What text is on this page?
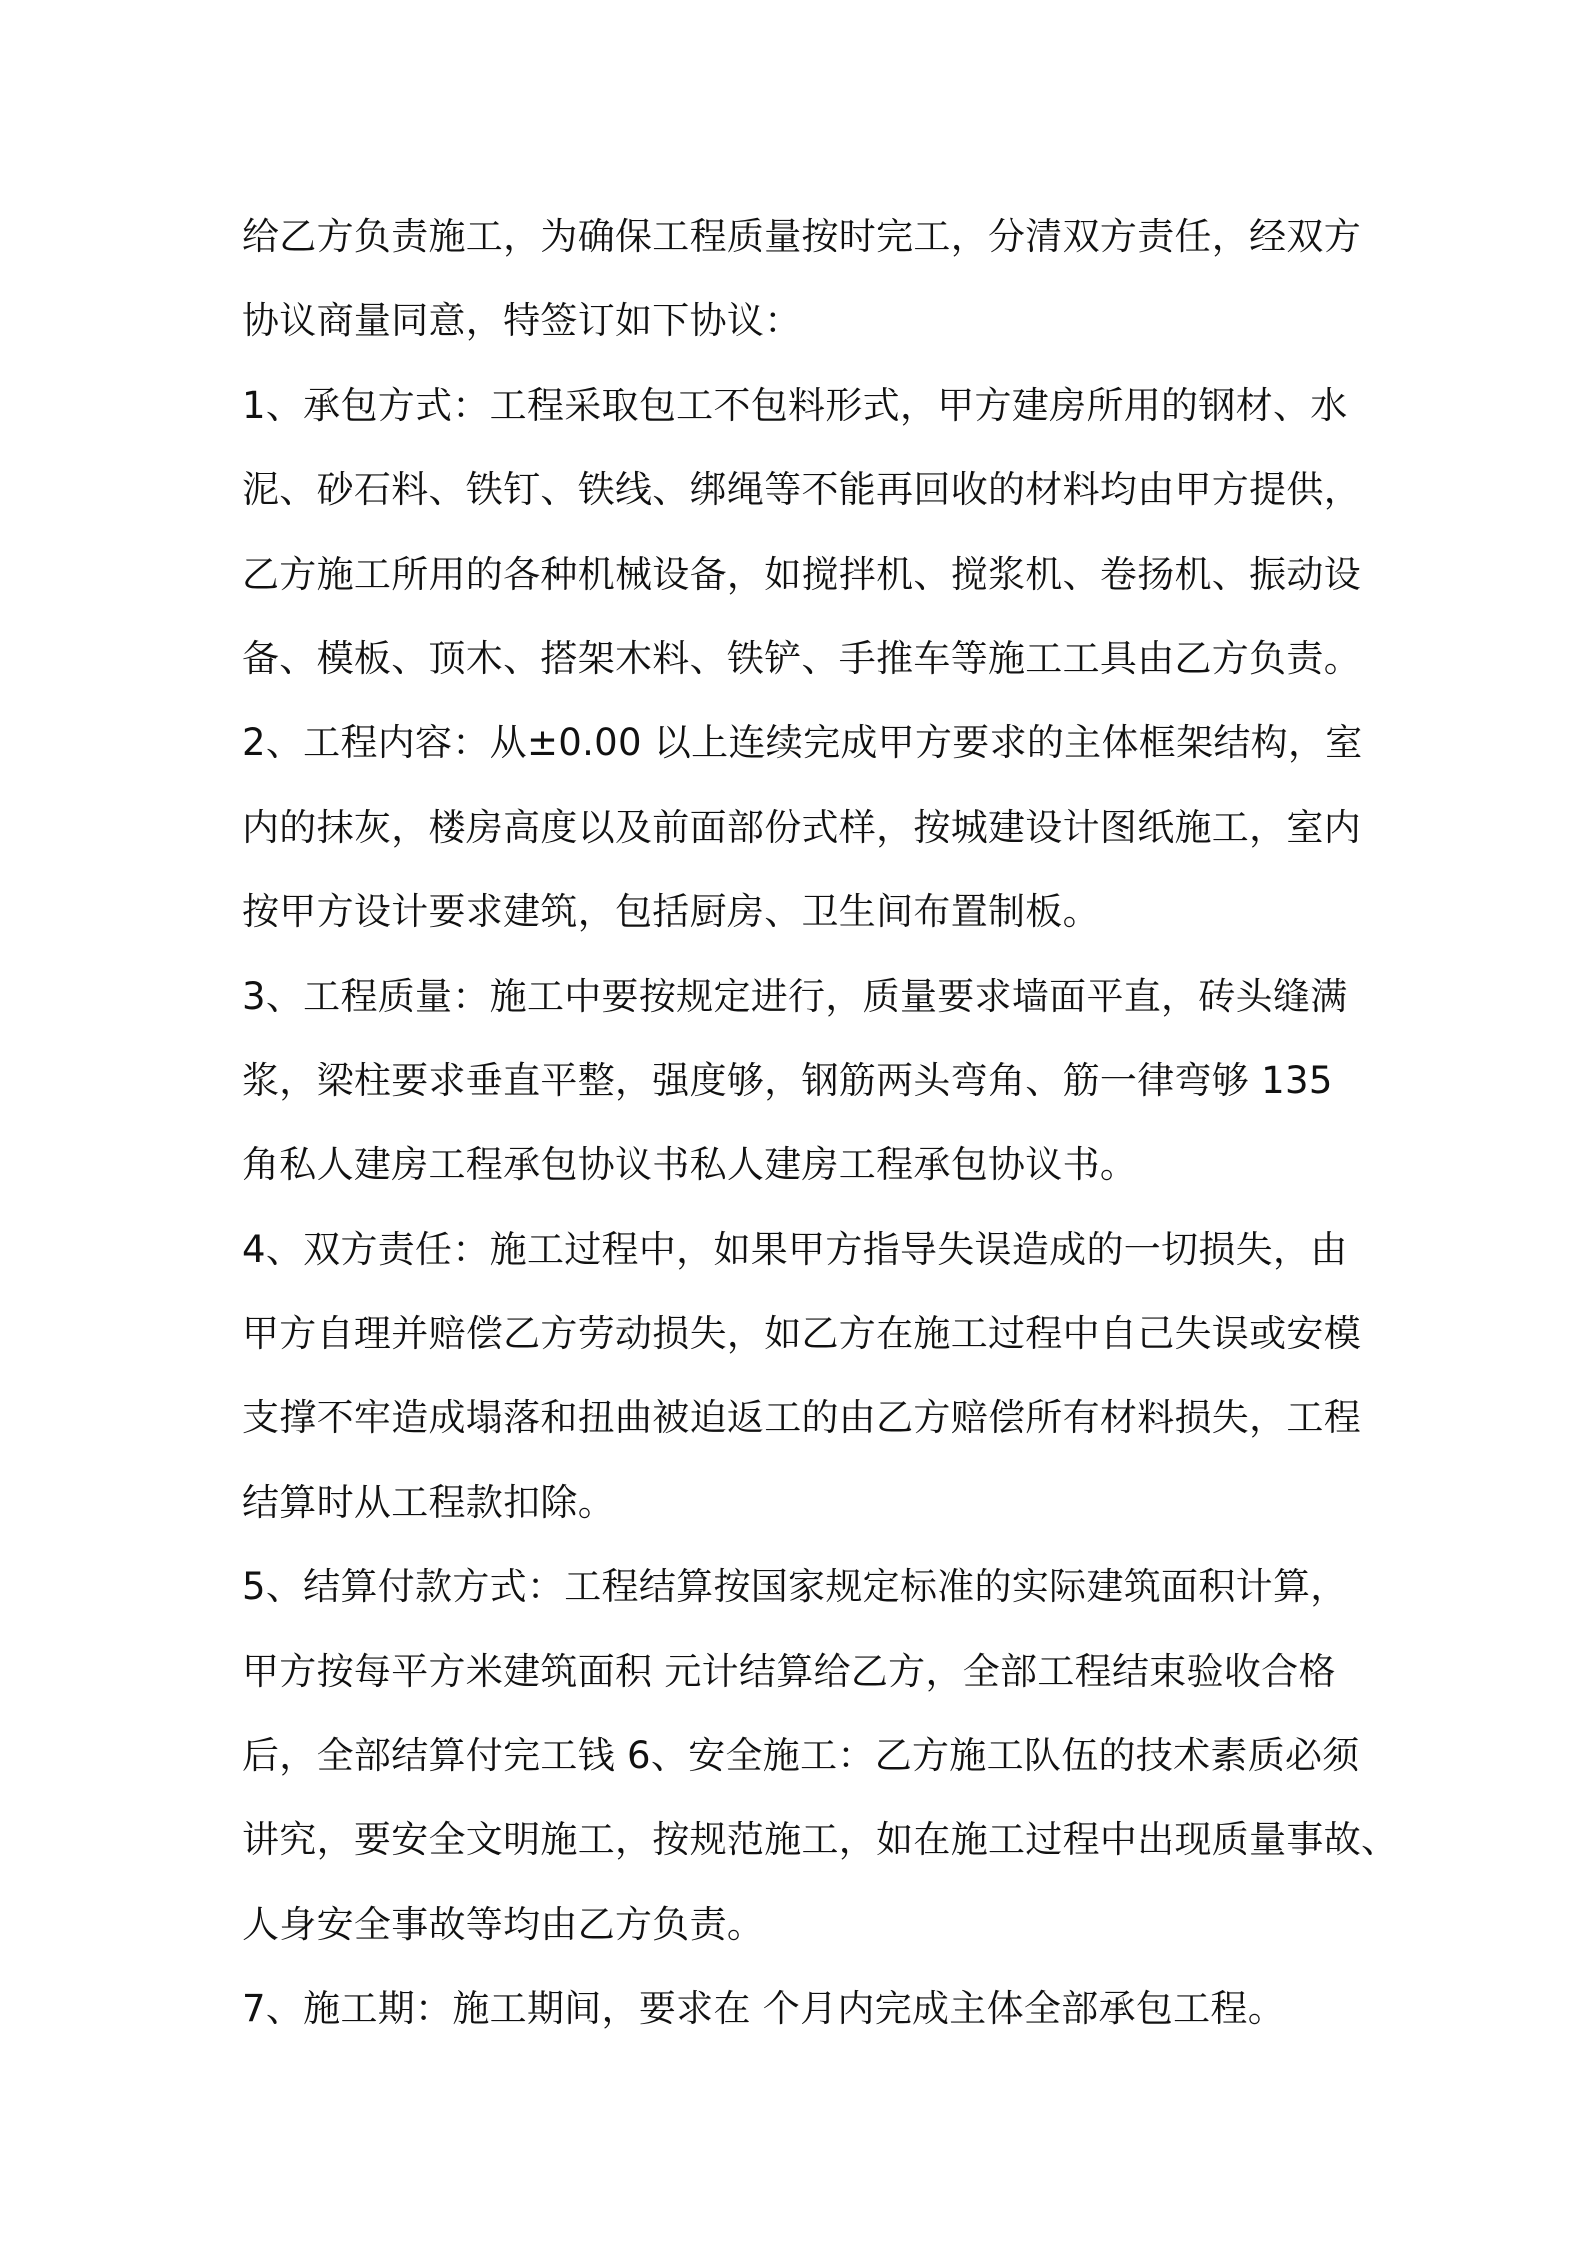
给乙方负责施工，为确保工程质量按时完工，分清双方责任，经双方
协议商量同意，特签订如下协议：
1、承包方式：工程采取包工不包料形式，甲方建房所用的钢材、水
泥、砂石料、铁钉、铁线、绑绳等不能再回收的材料均由甲方提供，
乙方施工所用的各种机械设备，如搅拌机、搅浆机、卷扬机、振动设
备、模板、顶木、搭架木料、铁铲、手推车等施工工具由乙方负责。
2、工程内容：从±0.00 以上连续完成甲方要求的主体框架结构，室
内的抹灰，楼房高度以及前面部份式样，按城建设计图纸施工，室内
按甲方设计要求建筑，包括厨房、卫生间布置制板。
3、工程质量：施工中要按规定进行，质量要求墙面平直，砖头缝满
浆，梁柱要求垂直平整，强度够，钢筋两头弯角、筋一律弯够 135
角私人建房工程承包协议书私人建房工程承包协议书。
4、双方责任：施工过程中，如果甲方指导失误造成的一切损失，由
甲方自理并赔偿乙方劳动损失，如乙方在施工过程中自己失误或安模
支撑不牢造成塌落和扭曲被迫返工的由乙方赔偿所有材料损失，工程
结算时从工程款扣除。
5、结算付款方式：工程结算按国家规定标准的实际建筑面积计算，
甲方按每平方米建筑面积 元计结算给乙方，全部工程结束验收合格
后，全部结算付完工钱 6、安全施工：乙方施工队伍的技术素质必须
讲究，要安全文明施工，按规范施工，如在施工过程中出现质量事故、
人身安全事故等均由乙方负责。
7、施工期：施工期间，要求在 个月内完成主体全部承包工程。
